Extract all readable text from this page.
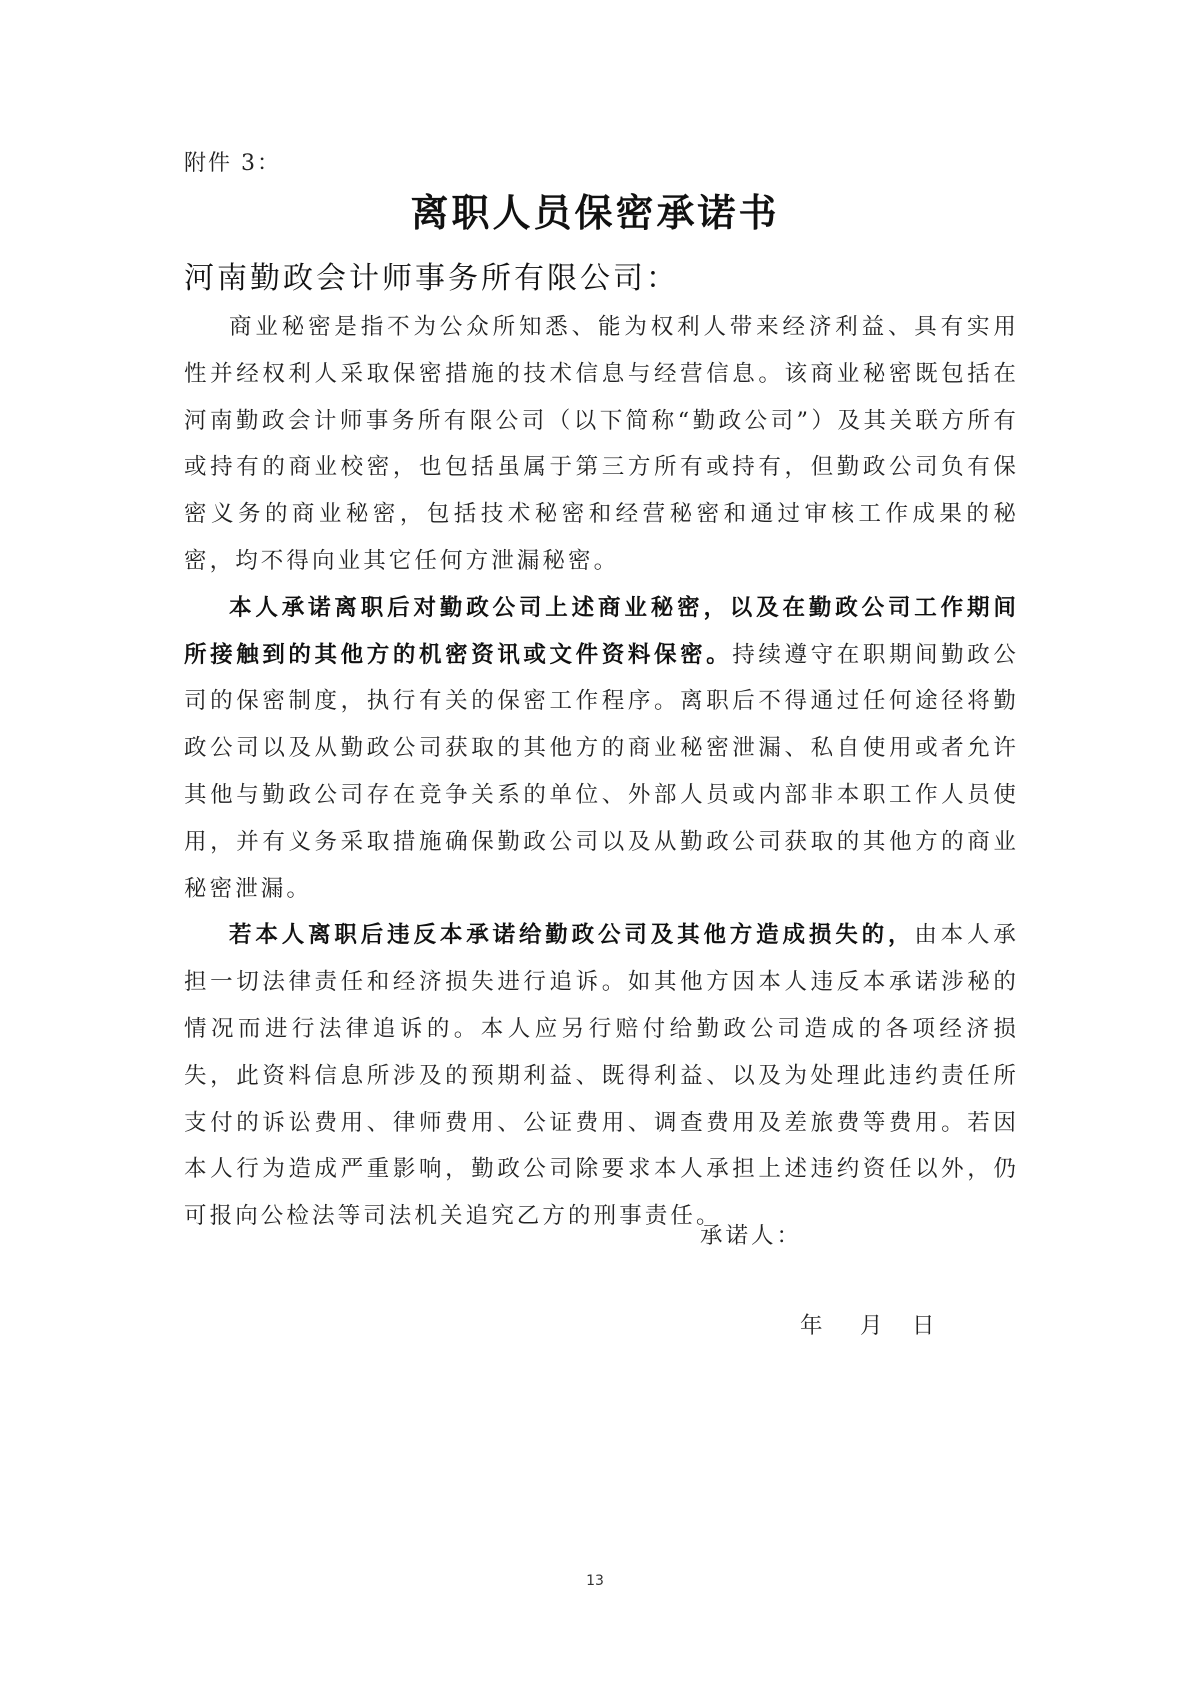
附件 3：
离职人员保密承诺书
河南勤政会计师事务所有限公司：

商业秘密是指不为公众所知悉、能为权利人带来经济利益、具有实用性并经权利人采取保密措施的技术信息与经营信息。该商业秘密既包括在河南勤政会计师事务所有限公司（以下简称“勤政公司”）及其关联方所有或持有的商业校密，也包括虽属于第三方所有或持有，但勤政公司负有保密义务的商业秘密，包括技术秘密和经营秘密和通过审核工作成果的秘密，均不得向业其它任何方泄漏秘密。

本人承诺离职后对勤政公司上述商业秘密，以及在勤政公司工作期间所接触到的其他方的机密资讯或文件资料保密。持续遵守在职期间勤政公司的保密制度，执行有关的保密工作程序。离职后不得通过任何途径将勤政公司以及从勤政公司获取的其他方的商业秘密泄漏、私自使用或者允许其他与勤政公司存在竞争关系的单位、外部人员或内部非本职工作人员使用，并有义务采取措施确保勤政公司以及从勤政公司获取的其他方的商业秘密泄漏。

若本人离职后违反本承诺给勤政公司及其他方造成损失的，由本人承担一切法律责任和经济损失进行追诉。如其他方因本人违反本承诺涉秘的情况而进行法律追诉的。本人应另行赔付给勤政公司造成的各项经济损失，此资料信息所涉及的预期利益、既得利益、以及为处理此违约责任所支付的诉讼费用、律师费用、公证费用、调查费用及差旅费等费用。若因本人行为造成严重影响，勤政公司除要求本人承担上述违约资任以外，仍可报向公检法等司法机关追究乙方的刑事责任。

承诺人：
年 月 日
13
